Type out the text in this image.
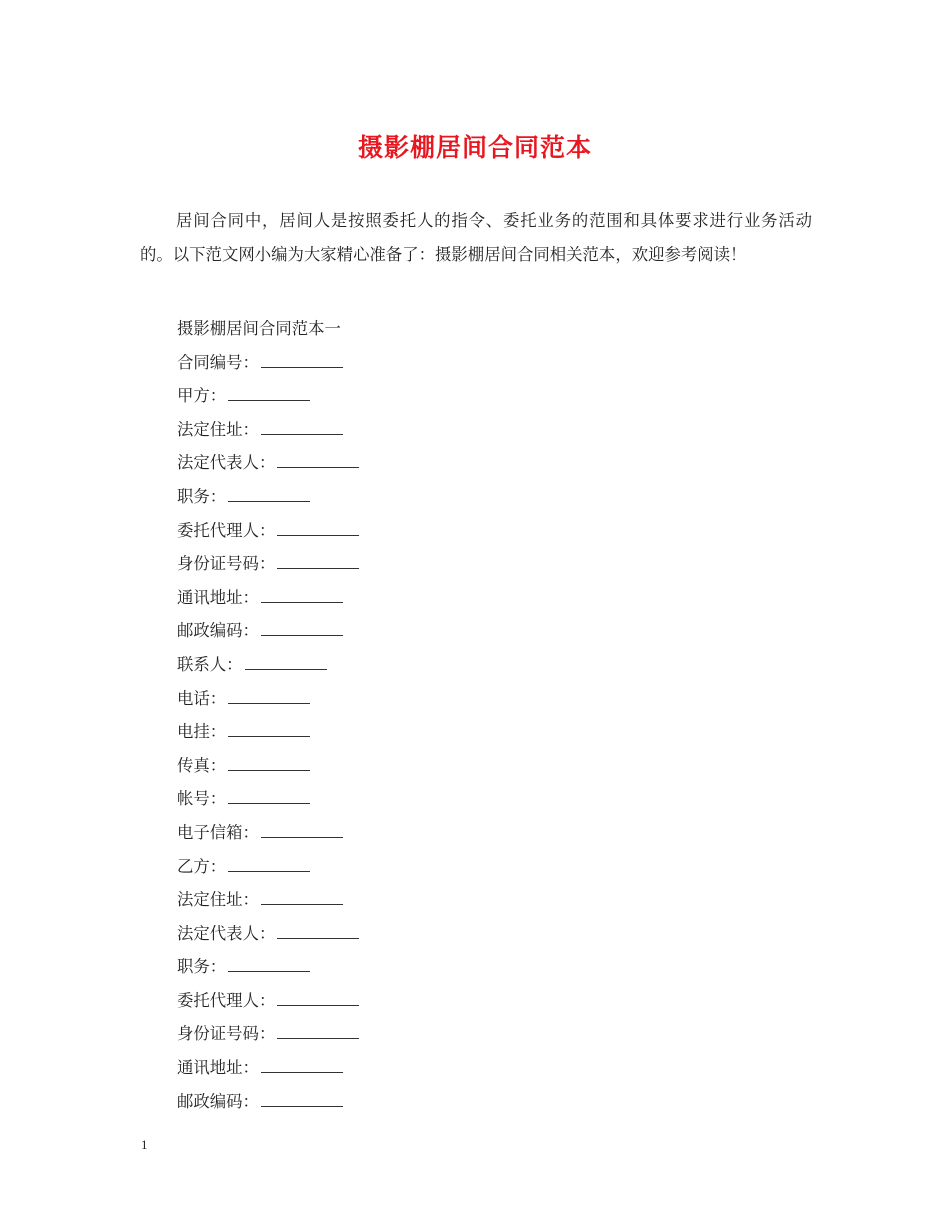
摄影棚居间合同范本

居间合同中，居间人是按照委托人的指令、委托业务的范围和具体要求进行业务活动的。以下范文网小编为大家精心准备了：摄影棚居间合同相关范本，欢迎参考阅读！

摄影棚居间合同范本一
合同编号：
甲方：
法定住址：
法定代表人：
职务：
委托代理人：
身份证号码：
通讯地址：
邮政编码：
联系人：
电话：
电挂：
传真：
帐号：
电子信箱：
乙方：
法定住址：
法定代表人：
职务：
委托代理人：
身份证号码：
通讯地址：
邮政编码：
1
